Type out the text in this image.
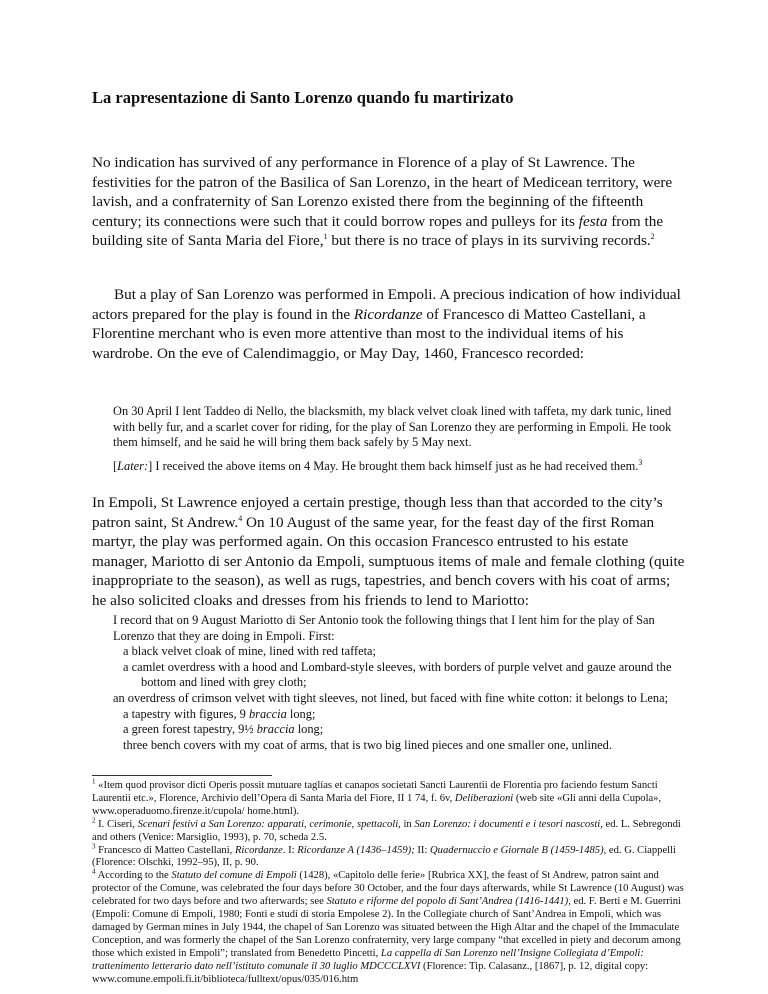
La rapresentazione di Santo Lorenzo quando fu martirizato

No indication has survived of any performance in Florence of a play of St Lawrence. The festivities for the patron of the Basilica of San Lorenzo, in the heart of Medicean territory, were lavish, and a confraternity of San Lorenzo existed there from the beginning of the fifteenth century; its connections were such that it could borrow ropes and pulleys for its festa from the building site of Santa Maria del Fiore,$^1$ but there is no trace of plays in its surviving records.$^2$

But a play of San Lorenzo was performed in Empoli. A precious indication of how individual actors prepared for the play is found in the Ricordanze of Francesco di Matteo Castellani, a Florentine merchant who is even more attentive than most to the individual items of his wardrobe. On the eve of Calendimaggio, or May Day, 1460, Francesco recorded:

On 30 April I lent Taddeo di Nello, the blacksmith, my black velvet cloak lined with taffeta, my dark tunic, lined with belly fur, and a scarlet cover for riding, for the play of San Lorenzo they are performing in Empoli. He took them himself, and he said he will bring them back safely by 5 May next.

[Later:] I received the above items on 4 May. He brought them back himself just as he had received them.$^3$

In Empoli, St Lawrence enjoyed a certain prestige, though less than that accorded to the city’s patron saint, St Andrew.$^4$ On 10 August of the same year, for the feast day of the first Roman martyr, the play was performed again. On this occasion Francesco entrusted to his estate manager, Mariotto di ser Antonio da Empoli, sumptuous items of male and female clothing (quite inappropriate to the season), as well as rugs, tapestries, and bench covers with his coat of arms; he also solicited cloaks and dresses from his friends to lend to Mariotto:

I record that on 9 August Mariotto di Ser Antonio took the following things that I lent him for the play of San Lorenzo that they are doing in Empoli. First:
a black velvet cloak of mine, lined with red taffeta;
a camlet overdress with a hood and Lombard-style sleeves, with borders of purple velvet and gauze around the bottom and lined with grey cloth;
an overdress of crimson velvet with tight sleeves, not lined, but faced with fine white cotton: it belongs to Lena;
a tapestry with figures, 9 braccia long;
a green forest tapestry, 9½ braccia long;
three bench covers with my coat of arms, that is two big lined pieces and one smaller one, unlined.

$^1$ «Item quod provisor dicti Operis possit mutuare taglías et canapos societati Sancti Laurentii de Florentia pro faciendo festum Sancti Laurentii etc.», Florence, Archivio dell’Opera di Santa Maria del Fiore, II 1 74, f. 6v, Deliberazioni (web site «Gli anni della Cupola», www.operaduomo.firenze.it/cupola/ home.html).

$^2$ I. Ciseri, Scenari festivi a San Lorenzo: apparati, cerimonie, spettacoli, in San Lorenzo: i documenti e i tesori nascosti, ed. L. Sebregondi and others (Venice: Marsiglio, 1993), p. 70, scheda 2.5.

$^3$ Francesco di Matteo Castellani, Ricordanze. I: Ricordanze A (1436–1459); II: Quadernuccio e Giornale B (1459-1485), ed. G. Ciappelli (Florence: Olschki, 1992–95), II, p. 90.

$^4$ According to the Statuto del comune di Empoli (1428), «Capitolo delle ferie» [Rubrica XX], the feast of St Andrew, patron saint and protector of the Comune, was celebrated the four days before 30 October, and the four days afterwards, while St Lawrence (10 August) was celebrated for two days before and two afterwards; see Statuto e riforme del popolo di Sant’Andrea (1416-1441), ed. F. Berti e M. Guerrini (Empoli: Comune di Empoli, 1980; Fonti e studi di storia Empolese 2). In the Collegiate church of Sant’Andrea in Empoli, which was damaged by German mines in July 1944, the chapel of San Lorenzo was situated between the High Altar and the chapel of the Immaculate Conception, and was formerly the chapel of the San Lorenzo confraternity, very large company “that excelled in piety and decorum among those which existed in Empoli”; translated from Benedetto Pincetti, La cappella di San Lorenzo nell’Insigne Collegiata d’Empoli: trattenimento letterario dato nell’istituto comunale il 30 luglio MDCCCLXVI (Florence: Tip. Calasanz., [1867], p. 12, digital copy: www.comune.empoli.fi.it/biblioteca/fulltext/opus/035/016.htm
